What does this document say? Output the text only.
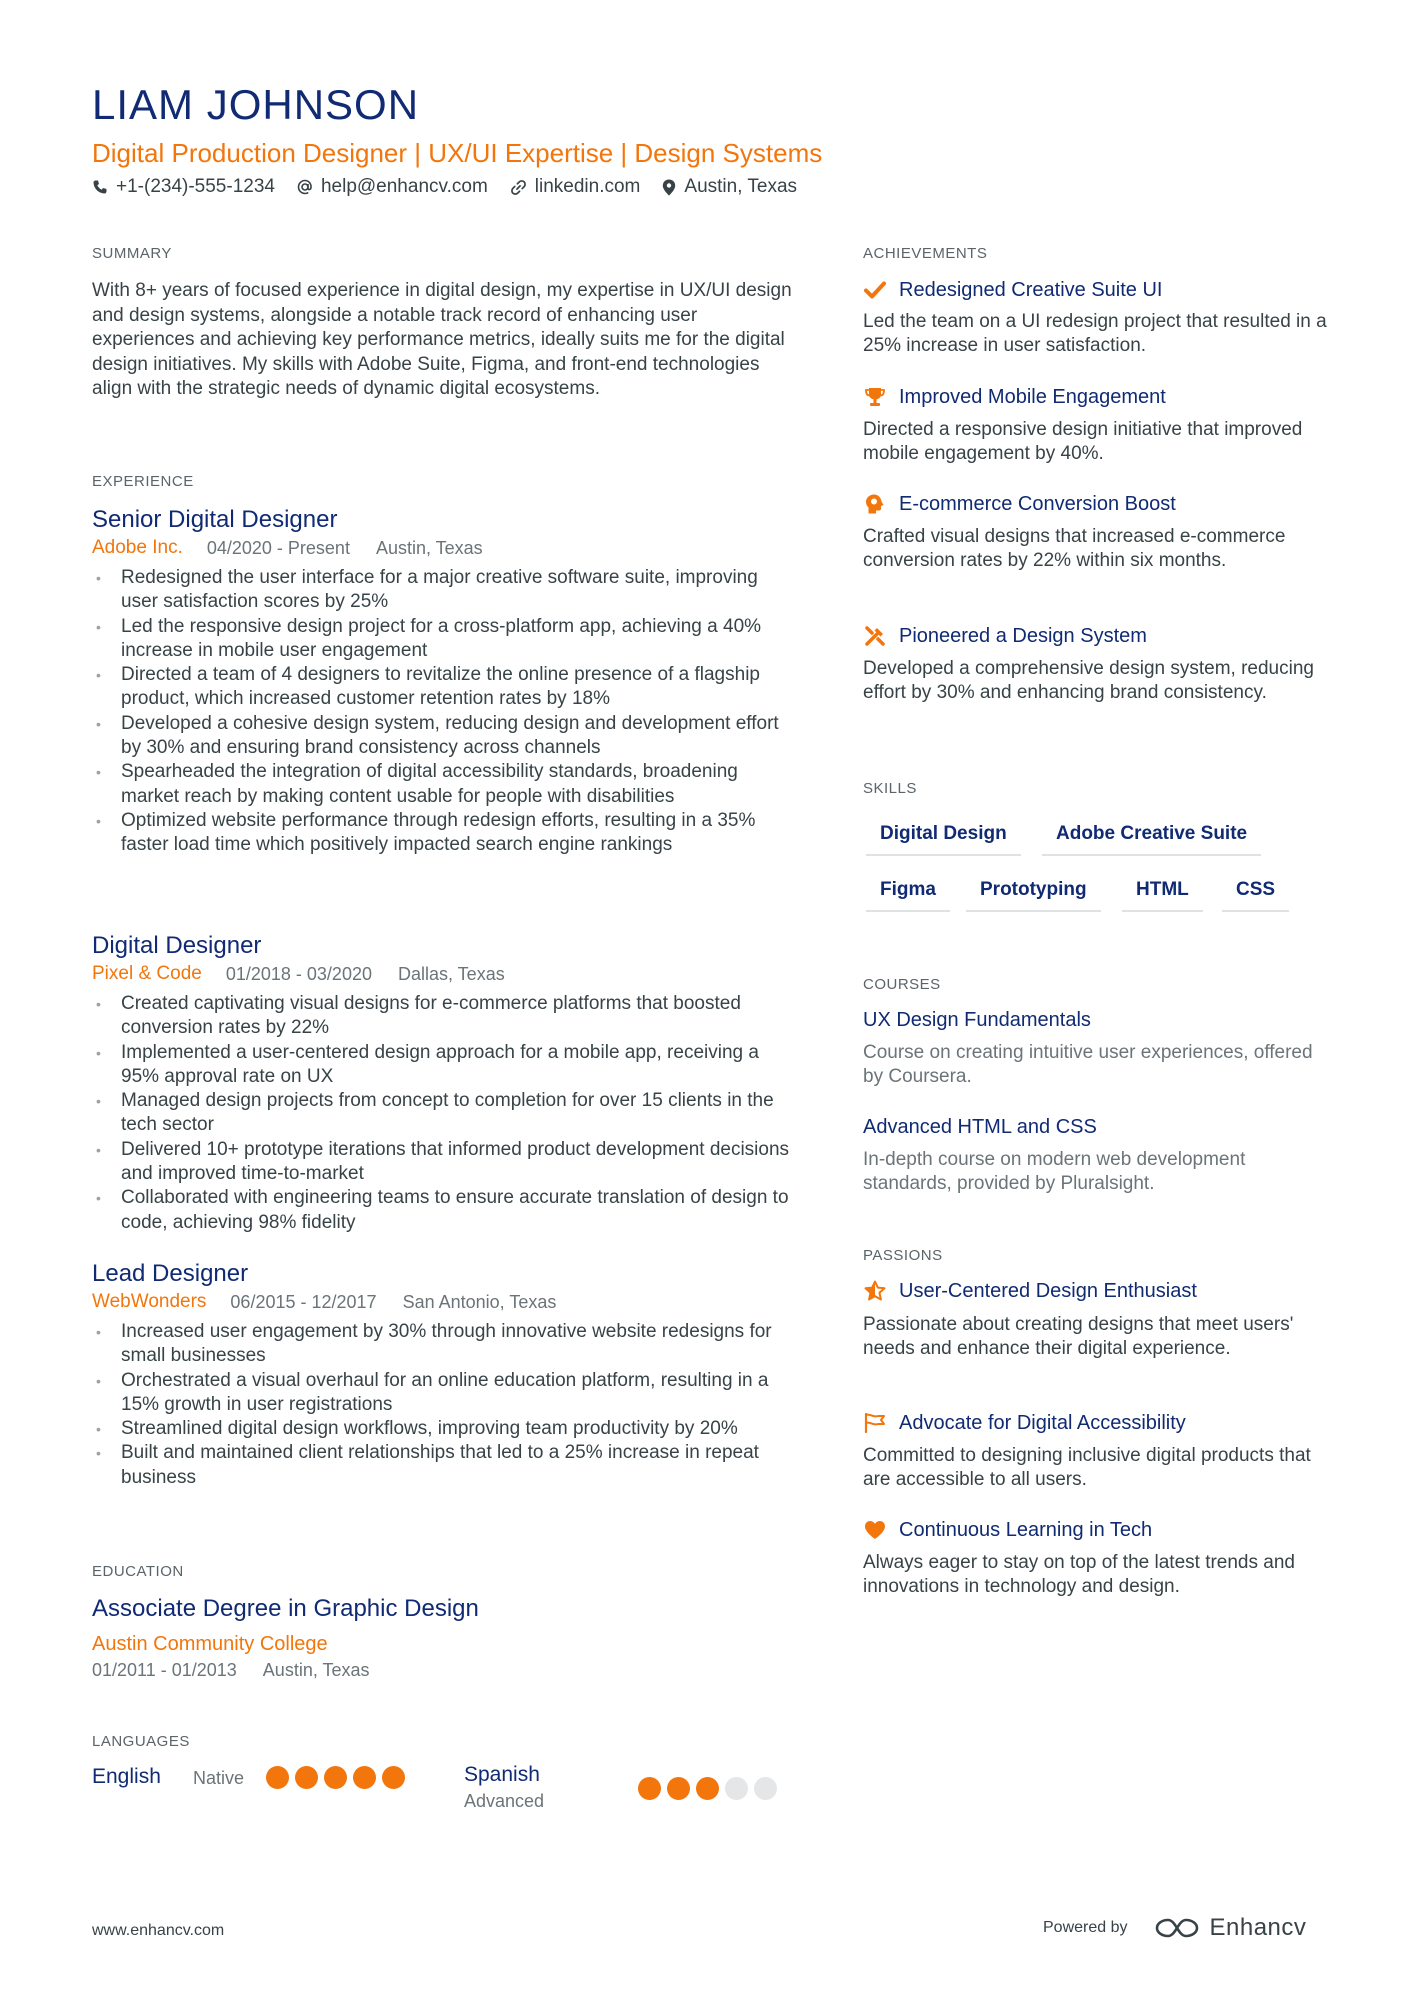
LIAM JOHNSON
Digital Production Designer | UX/UI Expertise | Design Systems
+1-(234)-555-1234 help@enhancv.com linkedin.com Austin, Texas
SUMMARY
With 8+ years of focused experience in digital design, my expertise in UX/UI design and design systems, alongside a notable track record of enhancing user experiences and achieving key performance metrics, ideally suits me for the digital design initiatives. My skills with Adobe Suite, Figma, and front-end technologies align with the strategic needs of dynamic digital ecosystems.
EXPERIENCE
Senior Digital Designer
Adobe Inc. 04/2020 - Present Austin, Texas
• Redesigned the user interface for a major creative software suite, improving user satisfaction scores by 25%
• Led the responsive design project for a cross-platform app, achieving a 40% increase in mobile user engagement
• Directed a team of 4 designers to revitalize the online presence of a flagship product, which increased customer retention rates by 18%
• Developed a cohesive design system, reducing design and development effort by 30% and ensuring brand consistency across channels
• Spearheaded the integration of digital accessibility standards, broadening market reach by making content usable for people with disabilities
• Optimized website performance through redesign efforts, resulting in a 35% faster load time which positively impacted search engine rankings
Digital Designer
Pixel & Code 01/2018 - 03/2020 Dallas, Texas
• Created captivating visual designs for e-commerce platforms that boosted conversion rates by 22%
• Implemented a user-centered design approach for a mobile app, receiving a 95% approval rate on UX
• Managed design projects from concept to completion for over 15 clients in the tech sector
• Delivered 10+ prototype iterations that informed product development decisions and improved time-to-market
• Collaborated with engineering teams to ensure accurate translation of design to code, achieving 98% fidelity
Lead Designer
WebWonders 06/2015 - 12/2017 San Antonio, Texas
• Increased user engagement by 30% through innovative website redesigns for small businesses
• Orchestrated a visual overhaul for an online education platform, resulting in a 15% growth in user registrations
• Streamlined digital design workflows, improving team productivity by 20%
• Built and maintained client relationships that led to a 25% increase in repeat business
EDUCATION
Associate Degree in Graphic Design
Austin Community College
01/2011 - 01/2013 Austin, Texas
LANGUAGES
English Native	Spanish
Advanced
ACHIEVEMENTS
Redesigned Creative Suite UI
Led the team on a UI redesign project that resulted in a 25% increase in user satisfaction.
Improved Mobile Engagement
Directed a responsive design initiative that improved mobile engagement by 40%.
E-commerce Conversion Boost
Crafted visual designs that increased e-commerce conversion rates by 22% within six months.
Pioneered a Design System
Developed a comprehensive design system, reducing effort by 30% and enhancing brand consistency.
SKILLS
Digital Design	Adobe Creative Suite
Figma	Prototyping	HTML	CSS
COURSES
UX Design Fundamentals
Course on creating intuitive user experiences, offered by Coursera.
Advanced HTML and CSS
In-depth course on modern web development standards, provided by Pluralsight.
PASSIONS
User-Centered Design Enthusiast
Passionate about creating designs that meet users' needs and enhance their digital experience.
Advocate for Digital Accessibility
Committed to designing inclusive digital products that are accessible to all users.
Continuous Learning in Tech
Always eager to stay on top of the latest trends and innovations in technology and design.
www.enhancv.com	Powered by	Enhancv
